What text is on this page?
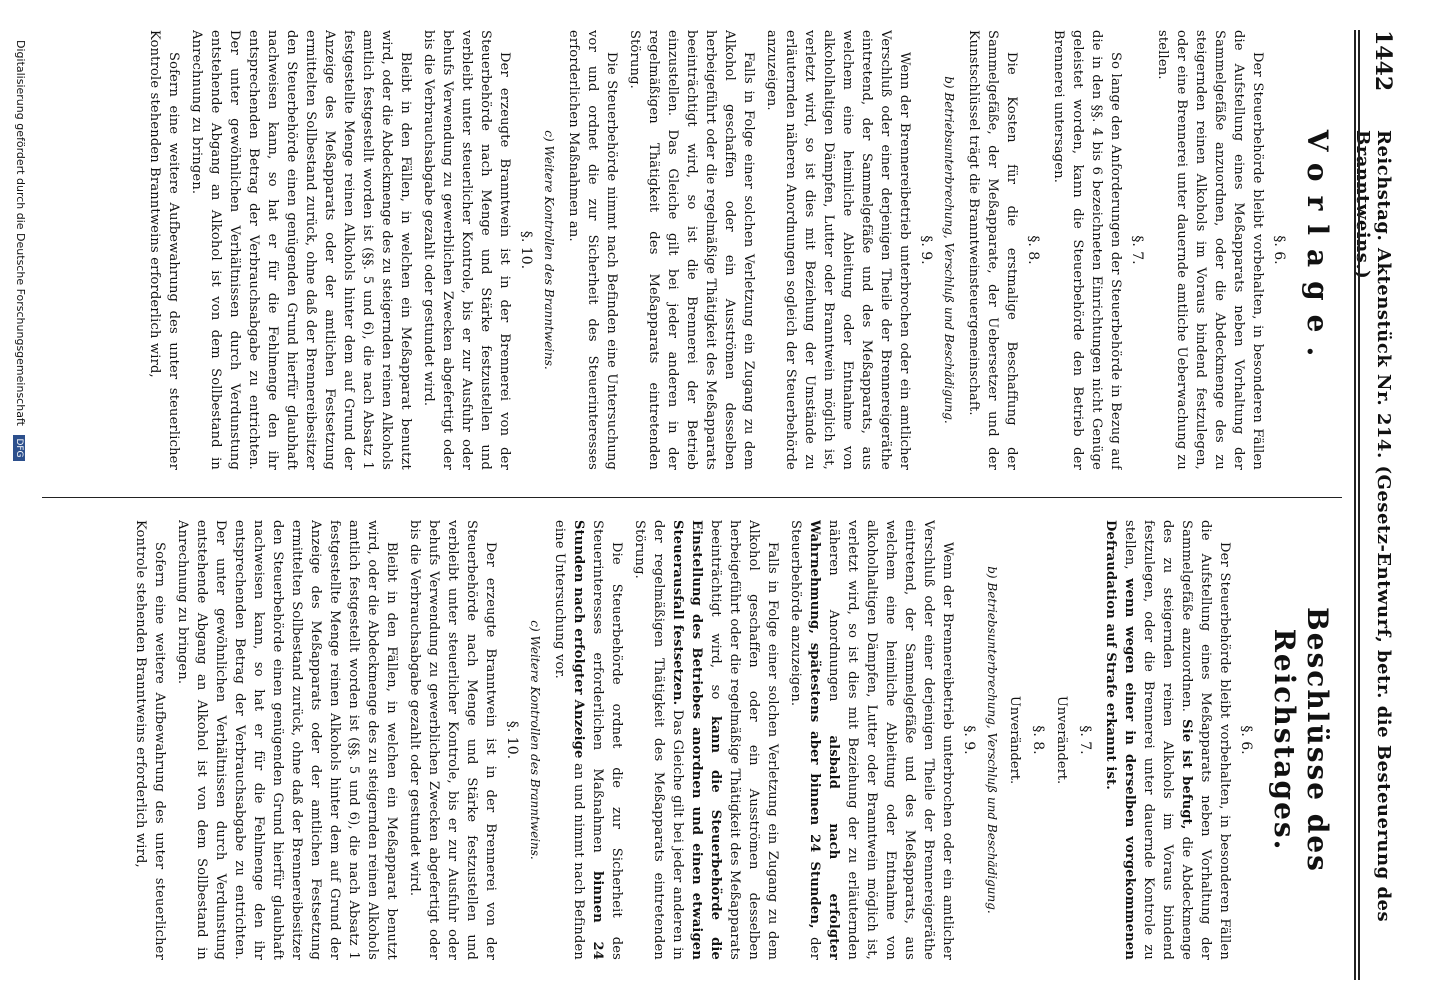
1442
Reichstag. Aktenstück Nr. 214. (Gesetz-Entwurf, betr. die Besteuerung des Branntweins.)
Vorlage.
§. 6.

Der Steuerbehörde bleibt vorbehalten, in besonderen Fällen die Aufstellung eines Meßapparats neben Vorhaltung der Sammelgefäße anzuordnen, oder die Abdeckmenge des zu steigernden reinen Alkohols im Voraus bindend festzulegen, oder eine Brennerei unter dauernde amtliche Ueberwachung zu stellen.

§. 7.

So lange den Anforderungen der Steuerbehörde in Bezug auf die in den §§. 4 bis 6 bezeichneten Einrichtungen nicht Genüge geleistet worden, kann die Steuerbehörde den Betrieb der Brennerei untersagen.

§. 8.

Die Kosten für die erstmalige Beschaffung der Sammelgefäße, der Meßapparate, der Uebersetzer und der Kunstschlüssel trägt die Branntweinsteuergemeinschaft.

b) Betriebsunterbrechung, Verschluß und Beschädigung.
§. 9.

Wenn der Brennereibetrieb unterbrochen oder ein amtlicher Verschluß oder einer derjenigen Theile der Brennereigeräthe eintretend, der Sammelgefäße und des Meßapparats, aus welchem eine heimliche Ableitung oder Entnahme von alkoholhaltigen Dämpfen, Lutter oder Branntwein möglich ist, verletzt wird, so ist dies mit Beziehung der Umstände zu erläuternden näheren Anordnungen sogleich der Steuerbehörde anzuzeigen.

Falls in Folge einer solchen Verletzung ein Zugang zu dem Alkohol geschaffen oder ein Ausströmen desselben herbeigeführt oder die regelmäßige Thätigkeit des Meßapparats beeinträchtigt wird, so ist die Brennerei der Betrieb einzustellen. Das Gleiche gilt bei jeder anderen in der regelmäßigen Thätigkeit des Meßapparats eintretenden Störung.

Die Steuerbehörde nimmt nach Befinden eine Untersuchung vor und ordnet die zur Sicherheit des Steuerinteresses erforderlichen Maßnahmen an.

c) Weitere Kontrollen des Branntweins.
§. 10.

Der erzeugte Branntwein ist in der Brennerei von der Steuerbehörde nach Menge und Stärke festzustellen und verbleibt unter steuerlicher Kontrole, bis er zur Ausfuhr oder behufs Verwendung zu gewerblichen Zwecken abgefertigt oder bis die Verbrauchsabgabe gezahlt oder gestundet wird.

Bleibt in den Fällen, in welchen ein Meßapparat benutzt wird, oder die Abdeckmenge des zu steigernden reinen Alkohols amtlich festgestellt worden ist (§§. 5 und 6), die nach Absatz 1 festgestellte Menge reinen Alkohols hinter dem auf Grund der Anzeige des Meßapparats oder der amtlichen Festsetzung ermittelten Sollbestand zurück, ohne daß der Brennereibesitzer den Steuerbehörde einen genügenden Grund hierfür glaubhaft nachweisen kann, so hat er für die Fehlmenge den ihr entsprechenden Betrag der Verbrauchsabgabe zu entrichten. Der unter gewöhnlichen Verhältnissen durch Verdunstung entstehende Abgang an Alkohol ist von dem Sollbestand in Anrechnung zu bringen.

Sofern eine weitere Aufbewahrung des unter steuerlicher Kontrole stehenden Branntweins erforderlich wird,

Beschlüsse des Reichstages.
§. 6.

Der Steuerbehörde bleibt vorbehalten, in besonderen Fällen die Aufstellung eines Meßapparats neben Vorhaltung der Sammelgefäße anzuordnen. Sie ist befugt, die Abdeckmenge des zu steigernden reinen Alkohols im Voraus bindend festzulegen, oder die Brennerei unter dauernde Kontrole zu stellen, wenn wegen einer in derselben vorgekommenen Defraudation auf Strafe erkannt ist.

§. 7.
Unverändert.
§. 8.
Unverändert.
b) Betriebsunterbrechung, Verschluß und Beschädigung.
§. 9.

Wenn der Brennereibetrieb unterbrochen oder ein amtlicher Verschluß oder einer derjenigen Theile der Brennereigeräthe eintretend, der Sammelgefäße und des Meßapparats, aus welchem eine heimliche Ableitung oder Entnahme von alkoholhaltigen Dämpfen, Lutter oder Branntwein möglich ist, verletzt wird, so ist dies mit Beziehung der zu erläuternden näheren Anordnungen alsbald nach erfolgter Wahrnehmung, spätestens aber binnen 24 Stunden, der Steuerbehörde anzuzeigen.

Falls in Folge einer solchen Verletzung ein Zugang zu dem Alkohol geschaffen oder ein Ausströmen desselben herbeigeführt oder die regelmäßige Thätigkeit des Meßapparats beeinträchtigt wird, so kann die Steuerbehörde die Einstellung des Betriebes anordnen und einen etwaigen Steuerausfall festsetzen. Das Gleiche gilt bei jeder anderen in der regelmäßigen Thätigkeit des Meßapparats eintretenden Störung.

Die Steuerbehörde ordnet die zur Sicherheit des Steuerinteresses erforderlichen Maßnahmen binnen 24 Stunden nach erfolgter Anzeige an und nimmt nach Befinden eine Untersuchung vor.

c) Weitere Kontrollen des Branntweins.
§. 10.

Der erzeugte Branntwein ist in der Brennerei von der Steuerbehörde nach Menge und Stärke festzustellen und verbleibt unter steuerlicher Kontrole, bis er zur Ausfuhr oder behufs Verwendung zu gewerblichen Zwecken abgefertigt oder bis die Verbrauchsabgabe gezahlt oder gestundet wird.

Bleibt in den Fällen, in welchen ein Meßapparat benutzt wird, oder die Abdeckmenge des zu steigernden reinen Alkohols amtlich festgestellt worden ist (§§. 5 und 6), die nach Absatz 1 festgestellte Menge reinen Alkohols hinter dem auf Grund der Anzeige des Meßapparats oder der amtlichen Festsetzung ermittelten Sollbestand zurück, ohne daß der Brennereibesitzer den Steuerbehörde einen genügenden Grund hierfür glaubhaft nachweisen kann, so hat er für die Fehlmenge den ihr entsprechenden Betrag der Verbrauchsabgabe zu entrichten. Der unter gewöhnlichen Verhältnissen durch Verdunstung entstehende Abgang an Alkohol ist von dem Sollbestand in Anrechnung zu bringen.

Sofern eine weitere Aufbewahrung des unter steuerlicher Kontrole stehenden Branntweins erforderlich wird,

Digitalisierung gefördert durch die Deutsche Forschungsgemeinschaft DFG
